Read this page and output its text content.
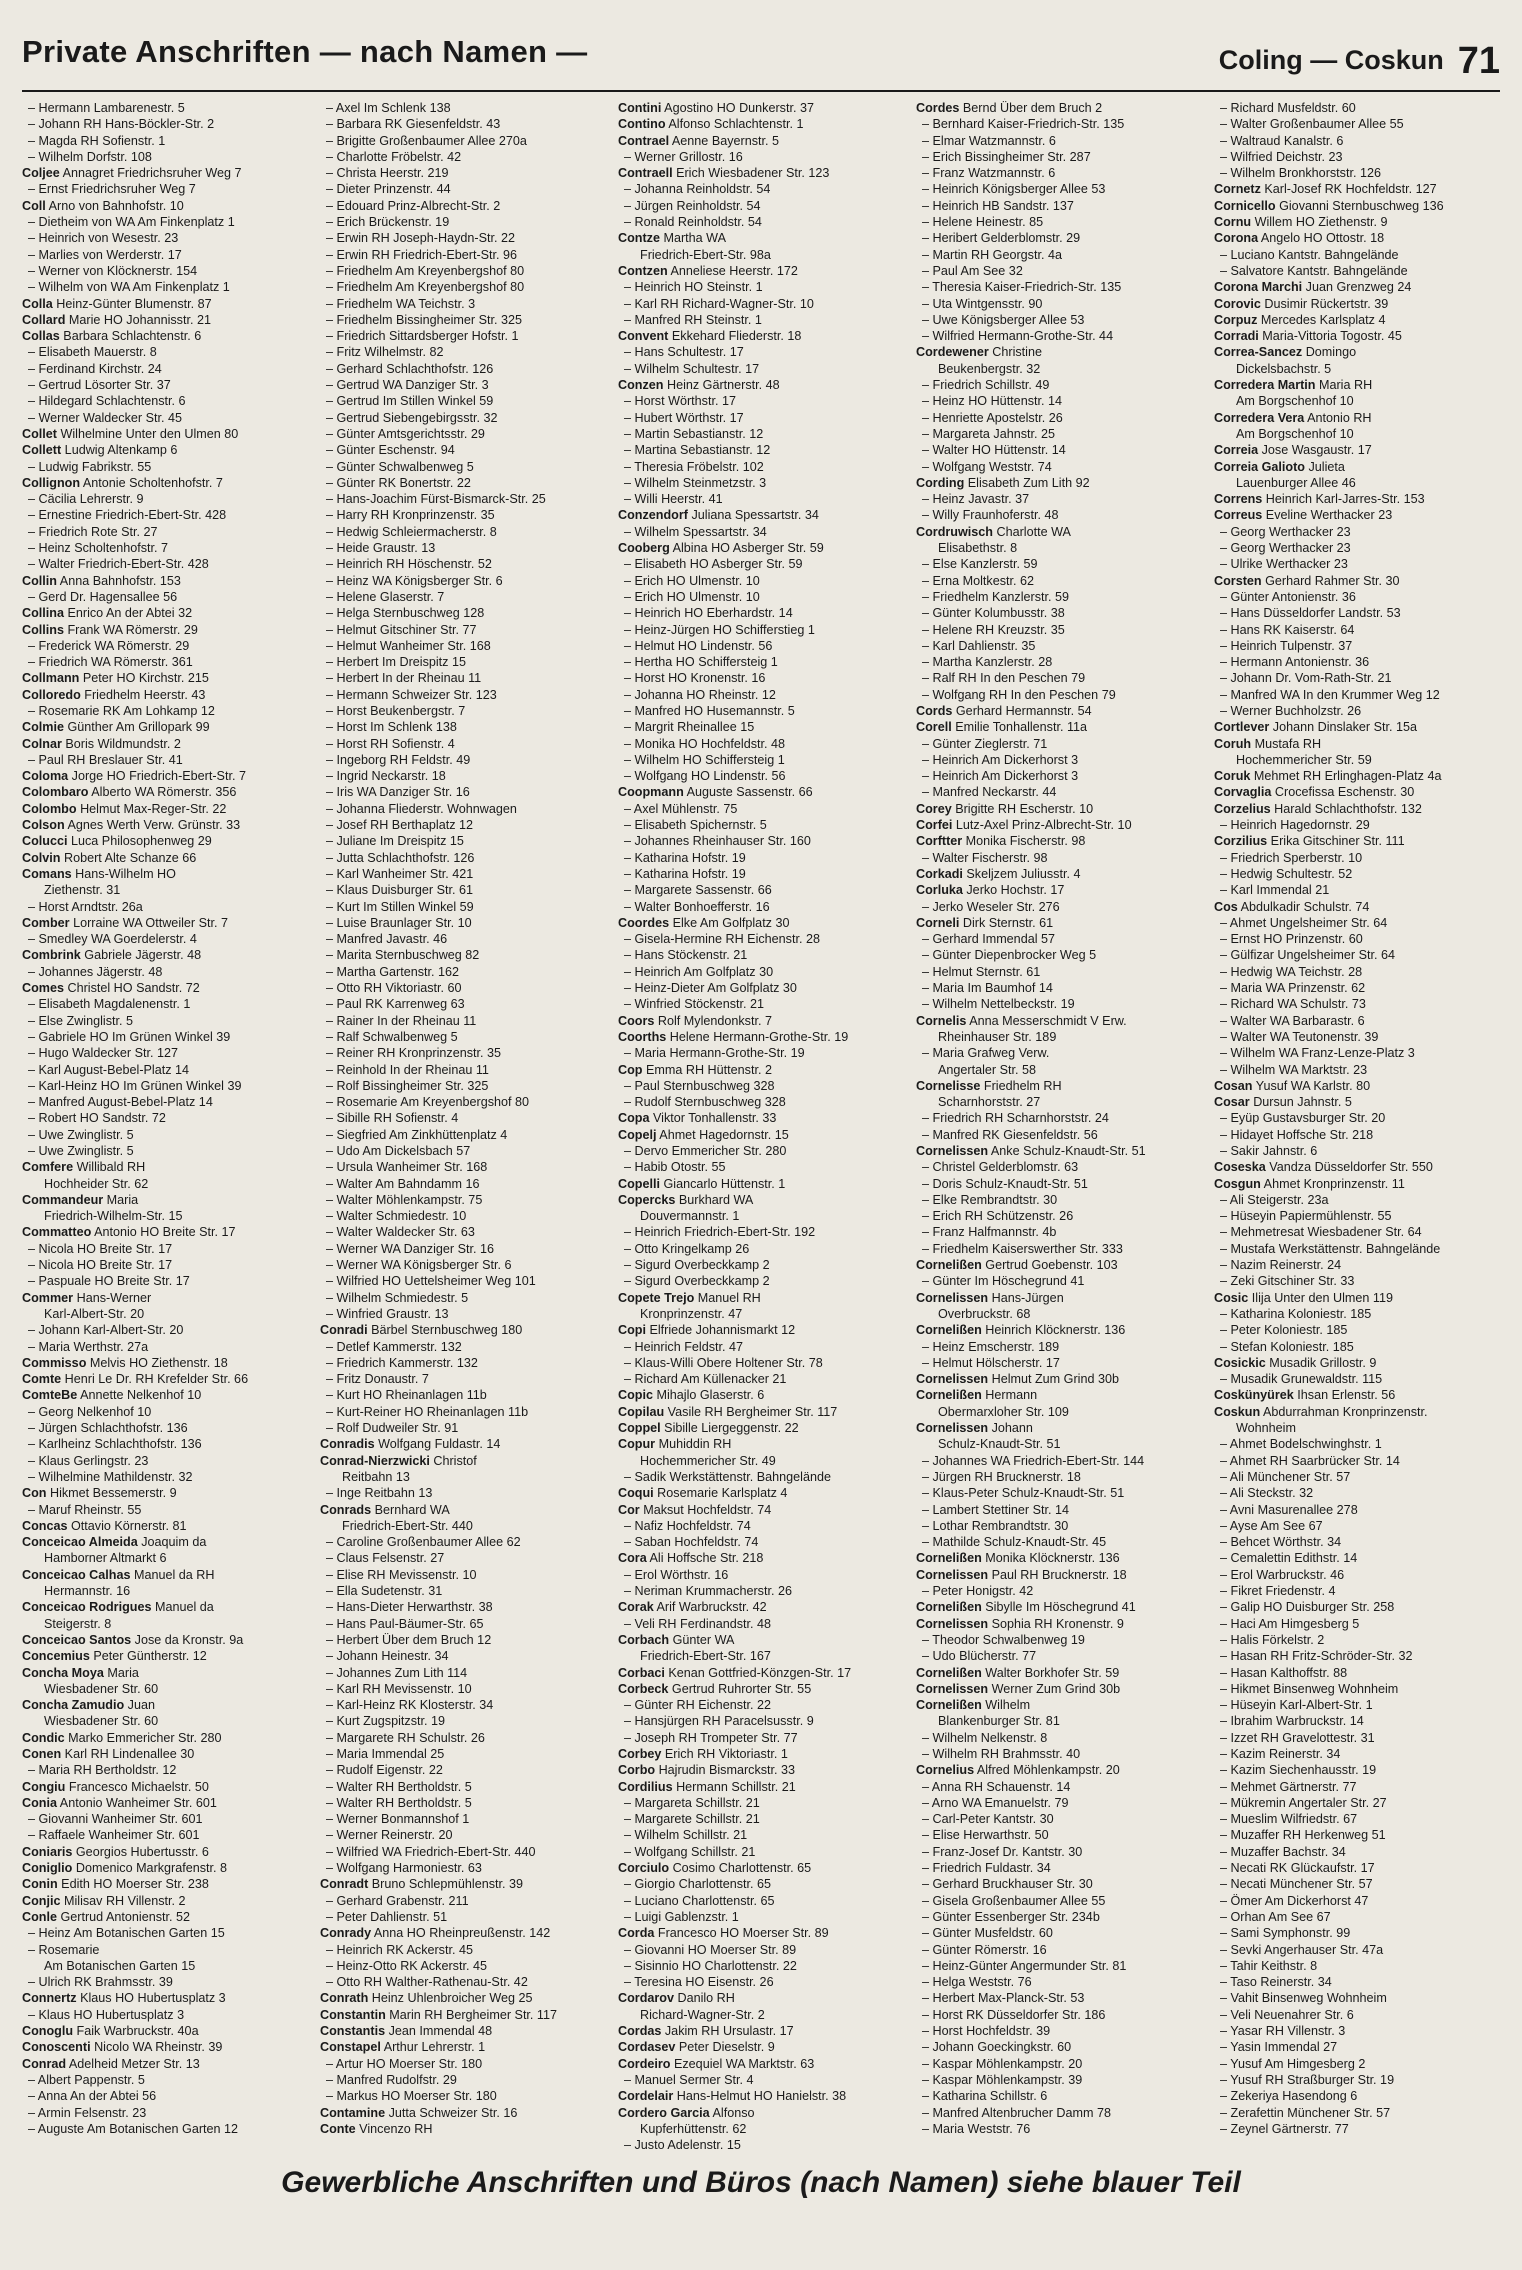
Private Anschriften — nach Namen —	Coling — Coskun 71
– Hermann Lambarenestr. 5
– Johann RH Hans-Böckler-Str. 2
– Magda RH Sofienstr. 1
– Wilhelm Dorfstr. 108
Coljee Annagret Friedrichsruher Weg 7
– Ernst Friedrichsruher Weg 7
Coll Arno von Bahnhofstr. 10
– Dietheim von WA Am Finkenplatz 1
– Heinrich von Wesestr. 23
– Marlies von Werderstr. 17
– Werner von Klöcknerstr. 154
– Wilhelm von WA Am Finkenplatz 1
Colla Heinz-Günter Blumenstr. 87
Collard Marie HO Johannisstr. 21
Collas Barbara Schlachtenstr. 6
– Elisabeth Mauerstr. 8
– Ferdinand Kirchstr. 24
– Gertrud Lösorter Str. 37
– Hildegard Schlachtenstr. 6
– Werner Waldecker Str. 45
Collet Wilhelmine Unter den Ulmen 80
Collett Ludwig Altenkamp 6
– Ludwig Fabrikstr. 55
Collignon Antonie Scholtenhofstr. 7
– Cäcilia Lehrerstr. 9
– Ernestine Friedrich-Ebert-Str. 428
– Friedrich Rote Str. 27
– Heinz Scholtenhofstr. 7
– Walter Friedrich-Ebert-Str. 428
Collin Anna Bahnhofstr. 153
– Gerd Dr. Hagensallee 56
Collina Enrico An der Abtei 32
Collins Frank WA Römerstr. 29
– Frederick WA Römerstr. 29
– Friedrich WA Römerstr. 361
Collmann Peter HO Kirchstr. 215
Colloredo Friedhelm Heerstr. 43
– Rosemarie RK Am Lohkamp 12
Colmie Günther Am Grillopark 99
Colnar Boris Wildmundstr. 2
– Paul RH Breslauer Str. 41
Coloma Jorge HO Friedrich-Ebert-Str. 7
Colombaro Alberto WA Römerstr. 356
Colombo Helmut Max-Reger-Str. 22
Colson Agnes Werth Verw. Grünstr. 33
Colucci Luca Philosophenweg 29
Colvin Robert Alte Schanze 66
Comans Hans-Wilhelm HO
Ziethenstr. 31
– Horst Arndtstr. 26a
Comber Lorraine WA Ottweiler Str. 7
– Smedley WA Goerdelerstr. 4
Combrink Gabriele Jägerstr. 48
– Johannes Jägerstr. 48
Comes Christel HO Sandstr. 72
– Elisabeth Magdalenenstr. 1
– Else Zwinglistr. 5
– Gabriele HO Im Grünen Winkel 39
– Hugo Waldecker Str. 127
– Karl August-Bebel-Platz 14
– Karl-Heinz HO Im Grünen Winkel 39
– Manfred August-Bebel-Platz 14
– Robert HO Sandstr. 72
– Uwe Zwinglistr. 5
– Uwe Zwinglistr. 5
Comfere Willibald RH
Hochheider Str. 62
Commandeur Maria
Friedrich-Wilhelm-Str. 15
Commatteo Antonio HO Breite Str. 17
– Nicola HO Breite Str. 17
– Nicola HO Breite Str. 17
– Paspuale HO Breite Str. 17
Commer Hans-Werner
Karl-Albert-Str. 20
– Johann Karl-Albert-Str. 20
– Maria Werthstr. 27a
Commisso Melvis HO Ziethenstr. 18
Comte Henri Le Dr. RH Krefelder Str. 66
ComteBe Annette Nelkenhof 10
– Georg Nelkenhof 10
– Jürgen Schlachthofstr. 136
– Karlheinz Schlachthofstr. 136
– Klaus Gerlingstr. 23
– Wilhelmine Mathildenstr. 32
Con Hikmet Bessemerstr. 9
– Maruf Rheinstr. 55
Concas Ottavio Körnerstr. 81
Conceicao Almeida Joaquim da
Hamborner Altmarkt 6
Conceicao Calhas Manuel da RH
Hermannstr. 16
Conceicao Rodrigues Manuel da
Steigerstr. 8
Conceicao Santos Jose da Kronstr. 9a
Concemius Peter Güntherstr. 12
Concha Moya Maria
Wiesbadener Str. 60
Concha Zamudio Juan
Wiesbadener Str. 60
Condic Marko Emmericher Str. 280
Conen Karl RH Lindenallee 30
– Maria RH Bertholdstr. 12
Congiu Francesco Michaelstr. 50
Conia Antonio Wanheimer Str. 601
– Giovanni Wanheimer Str. 601
– Raffaele Wanheimer Str. 601
Coniaris Georgios Hubertusstr. 6
Coniglio Domenico Markgrafenstr. 8
Conin Edith HO Moerser Str. 238
Conjic Milisav RH Villenstr. 2
Conle Gertrud Antonienstr. 52
– Heinz Am Botanischen Garten 15
– Rosemarie
Am Botanischen Garten 15
– Ulrich RK Brahmsstr. 39
Connertz Klaus HO Hubertusplatz 3
– Klaus HO Hubertusplatz 3
Conoglu Faik Warbruckstr. 40a
Conoscenti Nicolo WA Rheinstr. 39
Conrad Adelheid Metzer Str. 13
– Albert Pappenstr. 5
– Anna An der Abtei 56
– Armin Felsenstr. 23
– Auguste Am Botanischen Garten 12
– Axel Im Schlenk 138
– Barbara RK Giesenfeldstr. 43
– Brigitte Großenbaumer Allee 270a
– Charlotte Fröbelstr. 42
– Christa Heerstr. 219
– Dieter Prinzenstr. 44
– Edouard Prinz-Albrecht-Str. 2
– Erich Brückenstr. 19
– Erwin RH Joseph-Haydn-Str. 22
– Erwin RH Friedrich-Ebert-Str. 96
– Friedhelm Am Kreyenbergshof 80
– Friedhelm Am Kreyenbergshof 80
– Friedhelm WA Teichstr. 3
– Friedhelm Bissingheimer Str. 325
– Friedrich Sittardsberger Hofstr. 1
– Fritz Wilhelmstr. 82
– Gerhard Schlachthofstr. 126
– Gertrud WA Danziger Str. 3
– Gertrud Im Stillen Winkel 59
– Gertrud Siebengebirgsstr. 32
– Günter Amtsgerichtsstr. 29
– Günter Eschenstr. 94
– Günter Schwalbenweg 5
– Günter RK Bonertstr. 22
– Hans-Joachim Fürst-Bismarck-Str. 25
– Harry RH Kronprinzenstr. 35
– Hedwig Schleiermacherstr. 8
– Heide Graustr. 13
– Heinrich RH Höschenstr. 52
– Heinz WA Königsberger Str. 6
– Helene Glaserstr. 7
– Helga Sternbuschweg 128
– Helmut Gitschiner Str. 77
– Helmut Wanheimer Str. 168
– Herbert Im Dreispitz 15
– Herbert In der Rheinau 11
– Hermann Schweizer Str. 123
– Horst Beukenbergstr. 7
– Horst Im Schlenk 138
– Horst RH Sofienstr. 4
– Ingeborg RH Feldstr. 49
– Ingrid Neckarstr. 18
– Iris WA Danziger Str. 16
– Johanna Fliederstr. Wohnwagen
– Josef RH Berthaplatz 12
– Juliane Im Dreispitz 15
– Jutta Schlachthofstr. 126
– Karl Wanheimer Str. 421
– Klaus Duisburger Str. 61
– Kurt Im Stillen Winkel 59
– Luise Braunlager Str. 10
– Manfred Javastr. 46
– Marita Sternbuschweg 82
– Martha Gartenstr. 162
– Otto RH Viktoriastr. 60
– Paul RK Karrenweg 63
– Rainer In der Rheinau 11
– Ralf Schwalbenweg 5
– Reiner RH Kronprinzenstr. 35
– Reinhold In der Rheinau 11
– Rolf Bissingheimer Str. 325
– Rosemarie Am Kreyenbergshof 80
– Sibille RH Sofienstr. 4
– Siegfried Am Zinkhüttenplatz 4
– Udo Am Dickelsbach 57
– Ursula Wanheimer Str. 168
– Walter Am Bahndamm 16
– Walter Möhlenkampstr. 75
– Walter Schmiedestr. 10
– Walter Waldecker Str. 63
– Werner WA Danziger Str. 16
– Werner WA Königsberger Str. 6
– Wilfried HO Uettelsheimer Weg 101
– Wilhelm Schmiedestr. 5
– Winfried Graustr. 13
Conradi Bärbel Sternbuschweg 180
– Detlef Kammerstr. 132
– Friedrich Kammerstr. 132
– Fritz Donaustr. 7
– Kurt HO Rheinanlagen 11b
– Kurt-Reiner HO Rheinanlagen 11b
– Rolf Dudweiler Str. 91
Conradis Wolfgang Fuldastr. 14
Conrad-Nierzwicki Christof
Reitbahn 13
– Inge Reitbahn 13
Conrads Bernhard WA
Friedrich-Ebert-Str. 440
– Caroline Großenbaumer Allee 62
– Claus Felsenstr. 27
– Elise RH Mevissenstr. 10
– Ella Sudetenstr. 31
– Hans-Dieter Herwarthstr. 38
– Hans Paul-Bäumer-Str. 65
– Herbert Über dem Bruch 12
– Johann Heinestr. 34
– Johannes Zum Lith 114
– Karl RH Mevissenstr. 10
– Karl-Heinz RK Klosterstr. 34
– Kurt Zugspitzstr. 19
– Margarete RH Schulstr. 26
– Maria Immendal 25
– Rudolf Eigenstr. 22
– Walter RH Bertholdstr. 5
– Walter RH Bertholdstr. 5
– Werner Bonmannshof 1
– Werner Reinerstr. 20
– Wilfried WA Friedrich-Ebert-Str. 440
– Wolfgang Harmoniestr. 63
Conradt Bruno Schlepmühlenstr. 39
– Gerhard Grabenstr. 211
– Peter Dahlienstr. 51
Conrady Anna HO Rheinpreußenstr. 142
– Heinrich RK Ackerstr. 45
– Heinz-Otto RK Ackerstr. 45
– Otto RH Walther-Rathenau-Str. 42
Conrath Heinz Uhlenbroicher Weg 25
Constantin Marin RH Bergheimer Str. 117
Constantis Jean Immendal 48
Constapel Arthur Lehrerstr. 1
– Artur HO Moerser Str. 180
– Manfred Rudolfstr. 29
– Markus HO Moerser Str. 180
Contamine Jutta Schweizer Str. 16
Conte Vincenzo RH
Contini Agostino HO Dunkerstr. 37
Contino Alfonso Schlachtenstr. 1
Contrael Aenne Bayernstr. 5
– Werner Grillostr. 16
Contraell Erich Wiesbadener Str. 123
– Johanna Reinholdstr. 54
– Jürgen Reinholdstr. 54
– Ronald Reinholdstr. 54
Contze Martha WA
Friedrich-Ebert-Str. 98a
Contzen Anneliese Heerstr. 172
– Heinrich HO Steinstr. 1
– Karl RH Richard-Wagner-Str. 10
– Manfred RH Steinstr. 1
Convent Ekkehard Fliederstr. 18
– Hans Schultestr. 17
– Wilhelm Schultestr. 17
Conzen Heinz Gärtnerstr. 48
– Horst Wörthstr. 17
– Hubert Wörthstr. 17
– Martin Sebastianstr. 12
– Martina Sebastianstr. 12
– Theresia Fröbelstr. 102
– Wilhelm Steinmetzstr. 3
– Willi Heerstr. 41
Conzendorf Juliana Spessartstr. 34
– Wilhelm Spessartstr. 34
Cooberg Albina HO Asberger Str. 59
– Elisabeth HO Asberger Str. 59
– Erich HO Ulmenstr. 10
– Erich HO Ulmenstr. 10
– Heinrich HO Eberhardstr. 14
– Heinz-Jürgen HO Schifferstieg 1
– Helmut HO Lindenstr. 56
– Hertha HO Schiffersteig 1
– Horst HO Kronenstr. 16
– Johanna HO Rheinstr. 12
– Manfred HO Husemannstr. 5
– Margrit Rheinallee 15
– Monika HO Hochfeldstr. 48
– Wilhelm HO Schiffersteig 1
– Wolfgang HO Lindenstr. 56
Coopmann Auguste Sassenstr. 66
– Axel Mühlenstr. 75
– Elisabeth Spichernstr. 5
– Johannes Rheinhauser Str. 160
– Katharina Hofstr. 19
– Katharina Hofstr. 19
– Margarete Sassenstr. 66
– Walter Bonhoefferstr. 16
Coordes Elke Am Golfplatz 30
– Gisela-Hermine RH Eichenstr. 28
– Hans Stöckenstr. 21
– Heinrich Am Golfplatz 30
– Heinz-Dieter Am Golfplatz 30
– Winfried Stöckenstr. 21
Coors Rolf Mylendonkstr. 7
Coorths Helene Hermann-Grothe-Str. 19
– Maria Hermann-Grothe-Str. 19
Cop Emma RH Hüttenstr. 2
– Paul Sternbuschweg 328
– Rudolf Sternbuschweg 328
Copa Viktor Tonhallenstr. 33
Copelj Ahmet Hagedornstr. 15
– Dervo Emmericher Str. 280
– Habib Otostr. 55
Copelli Giancarlo Hüttenstr. 1
Copercks Burkhard WA
Douvermannstr. 1
– Heinrich Friedrich-Ebert-Str. 192
– Otto Kringelkamp 26
– Sigurd Overbeckkamp 2
– Sigurd Overbeckkamp 2
Copete Trejo Manuel RH
Kronprinzenstr. 47
Copi Elfriede Johannismarkt 12
– Heinrich Feldstr. 47
– Klaus-Willi Obere Holtener Str. 78
– Richard Am Küllenacker 21
Copic Mihajlo Glaserstr. 6
Copilau Vasile RH Bergheimer Str. 117
Coppel Sibille Liergeggenstr. 22
Copur Muhiddin RH
Hochemmericher Str. 49
– Sadik Werkstättenstr. Bahngelände
Coqui Rosemarie Karlsplatz 4
Cor Maksut Hochfeldstr. 74
– Nafiz Hochfeldstr. 74
– Saban Hochfeldstr. 74
Cora Ali Hoffsche Str. 218
– Erol Wörthstr. 16
– Neriman Krummacherstr. 26
Corak Arif Warbruckstr. 42
– Veli RH Ferdinandstr. 48
Corbach Günter WA
Friedrich-Ebert-Str. 167
Corbaci Kenan Gottfried-Könzgen-Str. 17
Corbeck Gertrud Ruhrorter Str. 55
– Günter RH Eichenstr. 22
– Hansjürgen RH Paracelsusstr. 9
– Joseph RH Trompeter Str. 77
Corbey Erich RH Viktoriastr. 1
Corbo Hajrudin Bismarckstr. 33
Cordilius Hermann Schillstr. 21
– Margareta Schillstr. 21
– Margarete Schillstr. 21
– Wilhelm Schillstr. 21
– Wolfgang Schillstr. 21
Corciulo Cosimo Charlottenstr. 65
– Giorgio Charlottenstr. 65
– Luciano Charlottenstr. 65
– Luigi Gablenzstr. 1
Corda Francesco HO Moerser Str. 89
– Giovanni HO Moerser Str. 89
– Sisinnio HO Charlottenstr. 22
– Teresina HO Eisenstr. 26
Cordarov Danilo RH
Richard-Wagner-Str. 2
Cordas Jakim RH Ursulastr. 17
Cordasev Peter Dieselstr. 9
Cordeiro Ezequiel WA Marktstr. 63
– Manuel Sermer Str. 4
Cordelair Hans-Helmut HO Hanielstr. 38
Cordero Garcia Alfonso
Kupferhüttenstr. 62
– Justo Adelenstr. 15
Cordes Bernd Über dem Bruch 2
– Bernhard Kaiser-Friedrich-Str. 135
– Elmar Watzmannstr. 6
– Erich Bissingheimer Str. 287
– Franz Watzmannstr. 6
– Heinrich Königsberger Allee 53
– Heinrich HB Sandstr. 137
– Helene Heinestr. 85
– Heribert Gelderblomstr. 29
– Martin RH Georgstr. 4a
– Paul Am See 32
– Theresia Kaiser-Friedrich-Str. 135
– Uta Wintgensstr. 90
– Uwe Königsberger Allee 53
– Wilfried Hermann-Grothe-Str. 44
Cordewener Christine
Beukenbergstr. 32
– Friedrich Schillstr. 49
– Heinz HO Hüttenstr. 14
– Henriette Apostelstr. 26
– Margareta Jahnstr. 25
– Walter HO Hüttenstr. 14
– Wolfgang Weststr. 74
Cording Elisabeth Zum Lith 92
– Heinz Javastr. 37
– Willy Fraunhoferstr. 48
Cordruwisch Charlotte WA
Elisabethstr. 8
– Else Kanzlerstr. 59
– Erna Moltkestr. 62
– Friedhelm Kanzlerstr. 59
– Günter Kolumbusstr. 38
– Helene RH Kreuzstr. 35
– Karl Dahlienstr. 35
– Martha Kanzlerstr. 28
– Ralf RH In den Peschen 79
– Wolfgang RH In den Peschen 79
Cords Gerhard Hermannstr. 54
Corell Emilie Tonhallenstr. 11a
– Günter Zieglerstr. 71
– Heinrich Am Dickerhorst 3
– Heinrich Am Dickerhorst 3
– Manfred Neckarstr. 44
Corey Brigitte RH Escherstr. 10
Corfei Lutz-Axel Prinz-Albrecht-Str. 10
Corftter Monika Fischerstr. 98
– Walter Fischerstr. 98
Corkadi Skeljzem Juliusstr. 4
Corluka Jerko Hochstr. 17
– Jerko Weseler Str. 276
Corneli Dirk Sternstr. 61
– Gerhard Immendal 57
– Günter Diepenbrocker Weg 5
– Helmut Sternstr. 61
– Maria Im Baumhof 14
– Wilhelm Nettelbeckstr. 19
Cornelis Anna Messerschmidt V Erw.
Rheinhauser Str. 189
– Maria Grafweg Verw.
Angertaler Str. 58
Cornelisse Friedhelm RH
Scharnhorststr. 27
– Friedrich RH Scharnhorststr. 24
– Manfred RK Giesenfeldstr. 56
Cornelissen Anke Schulz-Knaudt-Str. 51
– Christel Gelderblomstr. 63
– Doris Schulz-Knaudt-Str. 51
– Elke Rembrandtstr. 30
– Erich RH Schützenstr. 26
– Franz Halfmannstr. 4b
– Friedhelm Kaiserswerther Str. 333
Cornelißen Gertrud Goebenstr. 103
– Günter Im Höschegrund 41
Cornelissen Hans-Jürgen
Overbruckstr. 68
Cornelißen Heinrich Klöcknerstr. 136
– Heinz Emscherstr. 189
– Helmut Hölscherstr. 17
Cornelissen Helmut Zum Grind 30b
Cornelißen Hermann
Obermarxloher Str. 109
Cornelissen Johann
Schulz-Knaudt-Str. 51
– Johannes WA Friedrich-Ebert-Str. 144
– Jürgen RH Brucknerstr. 18
– Klaus-Peter Schulz-Knaudt-Str. 51
– Lambert Stettiner Str. 14
– Lothar Rembrandtstr. 30
– Mathilde Schulz-Knaudt-Str. 45
Cornelißen Monika Klöcknerstr. 136
Cornelissen Paul RH Brucknerstr. 18
– Peter Honigstr. 42
Cornelißen Sibylle Im Höschegrund 41
Cornelissen Sophia RH Kronenstr. 9
– Theodor Schwalbenweg 19
– Udo Blücherstr. 77
Cornelißen Walter Borkhofer Str. 59
Cornelissen Werner Zum Grind 30b
Cornelißen Wilhelm
Blankenburger Str. 81
– Wilhelm Nelkenstr. 8
– Wilhelm RH Brahmsstr. 40
Cornelius Alfred Möhlenkampstr. 20
– Anna RH Schauenstr. 14
– Arno WA Emanuelstr. 79
– Carl-Peter Kantstr. 30
– Elise Herwarthstr. 50
– Franz-Josef Dr. Kantstr. 30
– Friedrich Fuldastr. 34
– Gerhard Bruckhauser Str. 30
– Gisela Großenbaumer Allee 55
– Günter Essenberger Str. 234b
– Günter Musfeldstr. 60
– Günter Römerstr. 16
– Heinz-Günter Angermunder Str. 81
– Helga Weststr. 76
– Herbert Max-Planck-Str. 53
– Horst RK Düsseldorfer Str. 186
– Horst Hochfeldstr. 39
– Johann Goeckingkstr. 60
– Kaspar Möhlenkampstr. 20
– Kaspar Möhlenkampstr. 39
– Katharina Schillstr. 6
– Manfred Altenbrucher Damm 78
– Maria Weststr. 76
– Richard Musfeldstr. 60
– Walter Großenbaumer Allee 55
– Waltraud Kanalstr. 6
– Wilfried Deichstr. 23
– Wilhelm Bronkhorststr. 126
Cornetz Karl-Josef RK Hochfeldstr. 127
Cornicello Giovanni Sternbuschweg 136
Cornu Willem HO Ziethenstr. 9
Corona Angelo HO Ottostr. 18
– Luciano Kantstr. Bahngelände
– Salvatore Kantstr. Bahngelände
Corona Marchi Juan Grenzweg 24
Corovic Dusimir Rückertstr. 39
Corpuz Mercedes Karlsplatz 4
Corradi Maria-Vittoria Togostr. 45
Correa-Sancez Domingo
Dickelsbachstr. 5
Corredera Martin Maria RH
Am Borgschenhof 10
Corredera Vera Antonio RH
Am Borgschenhof 10
Correia Jose Wasgaustr. 17
Correia Galioto Julieta
Lauenburger Allee 46
Correns Heinrich Karl-Jarres-Str. 153
Correus Eveline Werthacker 23
– Georg Werthacker 23
– Georg Werthacker 23
– Ulrike Werthacker 23
Corsten Gerhard Rahmer Str. 30
– Günter Antonienstr. 36
– Hans Düsseldorfer Landstr. 53
– Hans RK Kaiserstr. 64
– Heinrich Tulpenstr. 37
– Hermann Antonienstr. 36
– Johann Dr. Vom-Rath-Str. 21
– Manfred WA In den Krummer Weg 12
– Werner Buchholzstr. 26
Cortlever Johann Dinslaker Str. 15a
Coruh Mustafa RH
Hochemmericher Str. 59
Coruk Mehmet RH Erlinghagen-Platz 4a
Corvaglia Crocefissa Eschenstr. 30
Corzelius Harald Schlachthofstr. 132
– Heinrich Hagedornstr. 29
Corzilius Erika Gitschiner Str. 111
– Friedrich Sperberstr. 10
– Hedwig Schultestr. 52
– Karl Immendal 21
Cos Abdulkadir Schulstr. 74
– Ahmet Ungelsheimer Str. 64
– Ernst HO Prinzenstr. 60
– Gülfizar Ungelsheimer Str. 64
– Hedwig WA Teichstr. 28
– Maria WA Prinzenstr. 62
– Richard WA Schulstr. 73
– Walter WA Barbarastr. 6
– Walter WA Teutonenstr. 39
– Wilhelm WA Franz-Lenze-Platz 3
– Wilhelm WA Marktstr. 23
Cosan Yusuf WA Karlstr. 80
Cosar Dursun Jahnstr. 5
– Eyüp Gustavsburger Str. 20
– Hidayet Hoffsche Str. 218
– Sakir Jahnstr. 6
Coseska Vandza Düsseldorfer Str. 550
Cosgun Ahmet Kronprinzenstr. 11
– Ali Steigerstr. 23a
– Hüseyin Papiermühlenstr. 55
– Mehmetresat Wiesbadener Str. 64
– Mustafa Werkstättenstr. Bahngelände
– Nazim Reinerstr. 24
– Zeki Gitschiner Str. 33
Cosic Ilija Unter den Ulmen 119
– Katharina Koloniestr. 185
– Peter Koloniestr. 185
– Stefan Koloniestr. 185
Cosickic Musadik Grillostr. 9
– Musadik Grunewaldstr. 115
Coskünyürek Ihsan Erlenstr. 56
Coskun Abdurrahman Kronprinzenstr.
Wohnheim
– Ahmet Bodelschwinghstr. 1
– Ahmet RH Saarbrücker Str. 14
– Ali Münchener Str. 57
– Ali Steckstr. 32
– Avni Masurenallee 278
– Ayse Am See 67
– Behcet Wörthstr. 34
– Cemalettin Edithstr. 14
– Erol Warbruckstr. 46
– Fikret Friedenstr. 4
– Galip HO Duisburger Str. 258
– Haci Am Himgesberg 5
– Halis Förkelstr. 2
– Hasan RH Fritz-Schröder-Str. 32
– Hasan Kalthoffstr. 88
– Hikmet Binsenweg Wohnheim
– Hüseyin Karl-Albert-Str. 1
– Ibrahim Warbruckstr. 14
– Izzet RH Gravelottestr. 31
– Kazim Reinerstr. 34
– Kazim Siechenhausstr. 19
– Mehmet Gärtnerstr. 77
– Mükremin Angertaler Str. 27
– Mueslim Wilfriedstr. 67
– Muzaffer RH Herkenweg 51
– Muzaffer Bachstr. 34
– Necati RK Glückaufstr. 17
– Necati Münchener Str. 57
– Ömer Am Dickerhorst 47
– Orhan Am See 67
– Sami Symphonstr. 99
– Sevki Angerhauser Str. 47a
– Tahir Keithstr. 8
– Taso Reinerstr. 34
– Vahit Binsenweg Wohnheim
– Veli Neuenahrer Str. 6
– Yasar RH Villenstr. 3
– Yasin Immendal 27
– Yusuf Am Himgesberg 2
– Yusuf RH Straßburger Str. 19
– Zekeriya Hasendong 6
– Zerafettin Münchener Str. 57
– Zeynel Gärtnerstr. 77
Gewerbliche Anschriften und Büros (nach Namen) siehe blauer Teil
